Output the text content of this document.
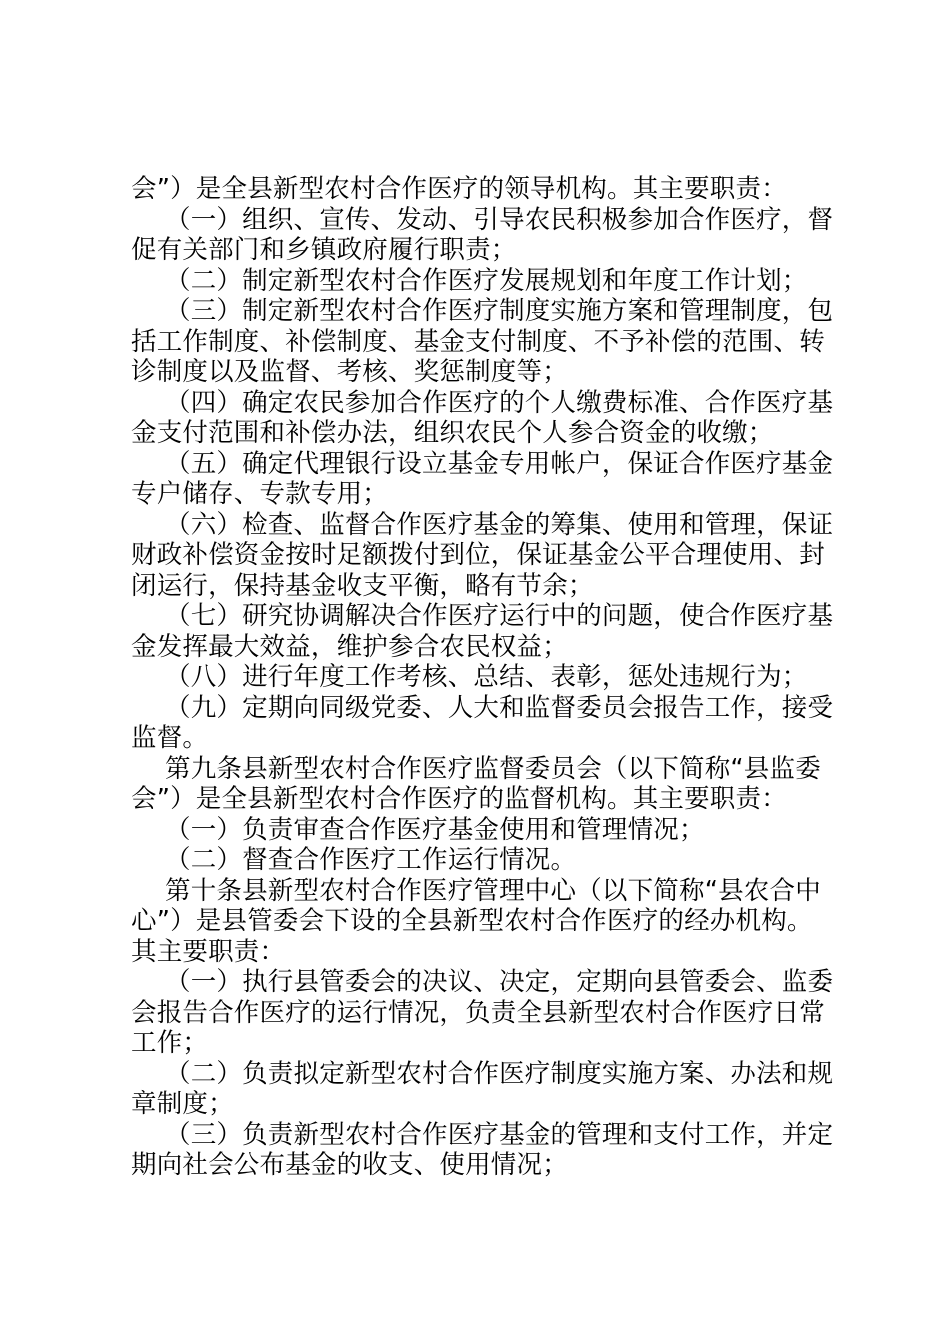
会”）是全县新型农村合作医疗的领导机构。其主要职责：
（一）组织、宣传、发动、引导农民积极参加合作医疗，督
促有关部门和乡镇政府履行职责；
（二）制定新型农村合作医疗发展规划和年度工作计划；
（三）制定新型农村合作医疗制度实施方案和管理制度，包
括工作制度、补偿制度、基金支付制度、不予补偿的范围、转
诊制度以及监督、考核、奖惩制度等；
（四）确定农民参加合作医疗的个人缴费标准、合作医疗基
金支付范围和补偿办法，组织农民个人参合资金的收缴；
（五）确定代理银行设立基金专用帐户，保证合作医疗基金
专户储存、专款专用；
（六）检查、监督合作医疗基金的筹集、使用和管理，保证
财政补偿资金按时足额拨付到位，保证基金公平合理使用、封
闭运行，保持基金收支平衡，略有节余；
（七）研究协调解决合作医疗运行中的问题，使合作医疗基
金发挥最大效益，维护参合农民权益；
（八）进行年度工作考核、总结、表彰，惩处违规行为；
（九）定期向同级党委、人大和监督委员会报告工作，接受
监督。
第九条县新型农村合作医疗监督委员会（以下简称“县监委
会”）是全县新型农村合作医疗的监督机构。其主要职责：
（一）负责审查合作医疗基金使用和管理情况；
（二）督查合作医疗工作运行情况。
第十条县新型农村合作医疗管理中心（以下简称“县农合中
心”）是县管委会下设的全县新型农村合作医疗的经办机构。
其主要职责：
（一）执行县管委会的决议、决定，定期向县管委会、监委
会报告合作医疗的运行情况，负责全县新型农村合作医疗日常
工作；
（二）负责拟定新型农村合作医疗制度实施方案、办法和规
章制度；
（三）负责新型农村合作医疗基金的管理和支付工作，并定
期向社会公布基金的收支、使用情况；
